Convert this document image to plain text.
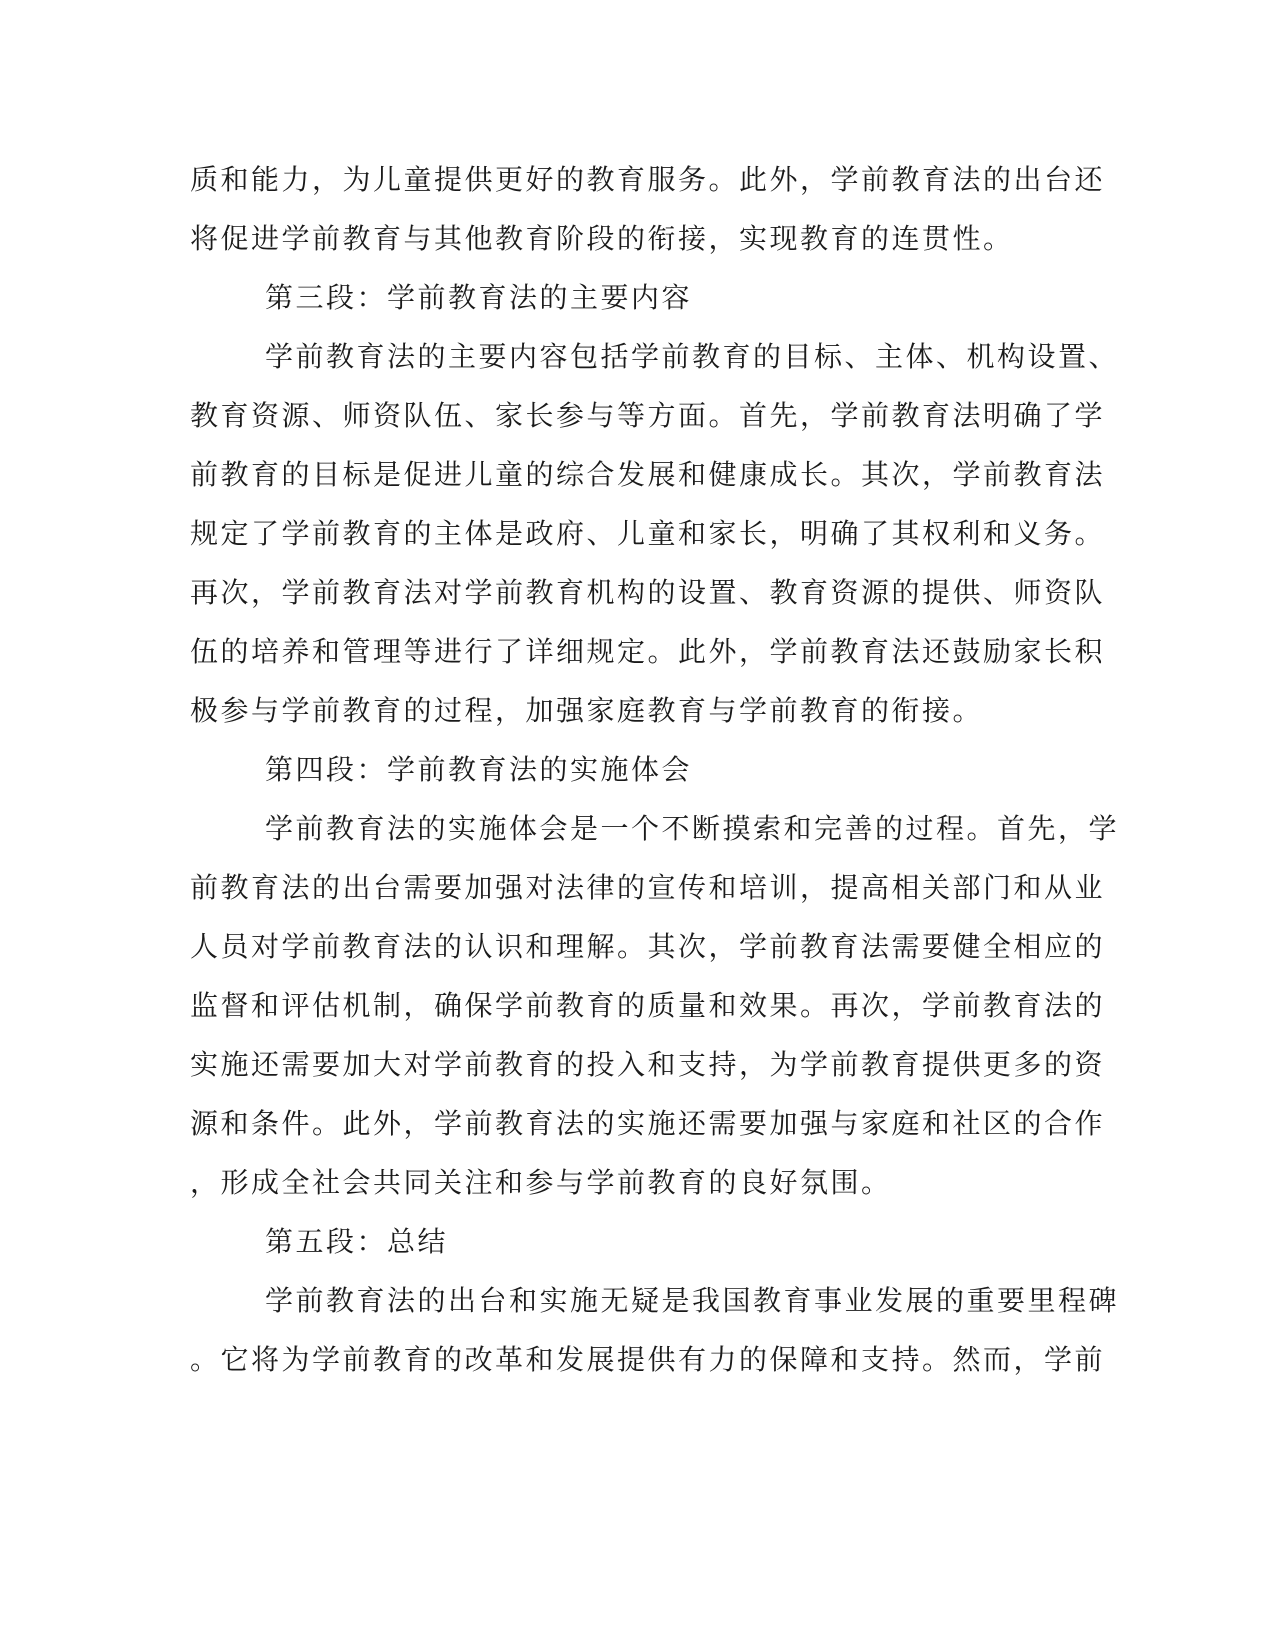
质和能力，为儿童提供更好的教育服务。此外，学前教育法的出台还
将促进学前教育与其他教育阶段的衔接，实现教育的连贯性。
第三段：学前教育法的主要内容
学前教育法的主要内容包括学前教育的目标、主体、机构设置、
教育资源、师资队伍、家长参与等方面。首先，学前教育法明确了学
前教育的目标是促进儿童的综合发展和健康成长。其次，学前教育法
规定了学前教育的主体是政府、儿童和家长，明确了其权利和义务。
再次，学前教育法对学前教育机构的设置、教育资源的提供、师资队
伍的培养和管理等进行了详细规定。此外，学前教育法还鼓励家长积
极参与学前教育的过程，加强家庭教育与学前教育的衔接。
第四段：学前教育法的实施体会
学前教育法的实施体会是一个不断摸索和完善的过程。首先，学
前教育法的出台需要加强对法律的宣传和培训，提高相关部门和从业
人员对学前教育法的认识和理解。其次，学前教育法需要健全相应的
监督和评估机制，确保学前教育的质量和效果。再次，学前教育法的
实施还需要加大对学前教育的投入和支持，为学前教育提供更多的资
源和条件。此外，学前教育法的实施还需要加强与家庭和社区的合作
，形成全社会共同关注和参与学前教育的良好氛围。
第五段：总结
学前教育法的出台和实施无疑是我国教育事业发展的重要里程碑
。它将为学前教育的改革和发展提供有力的保障和支持。然而，学前
